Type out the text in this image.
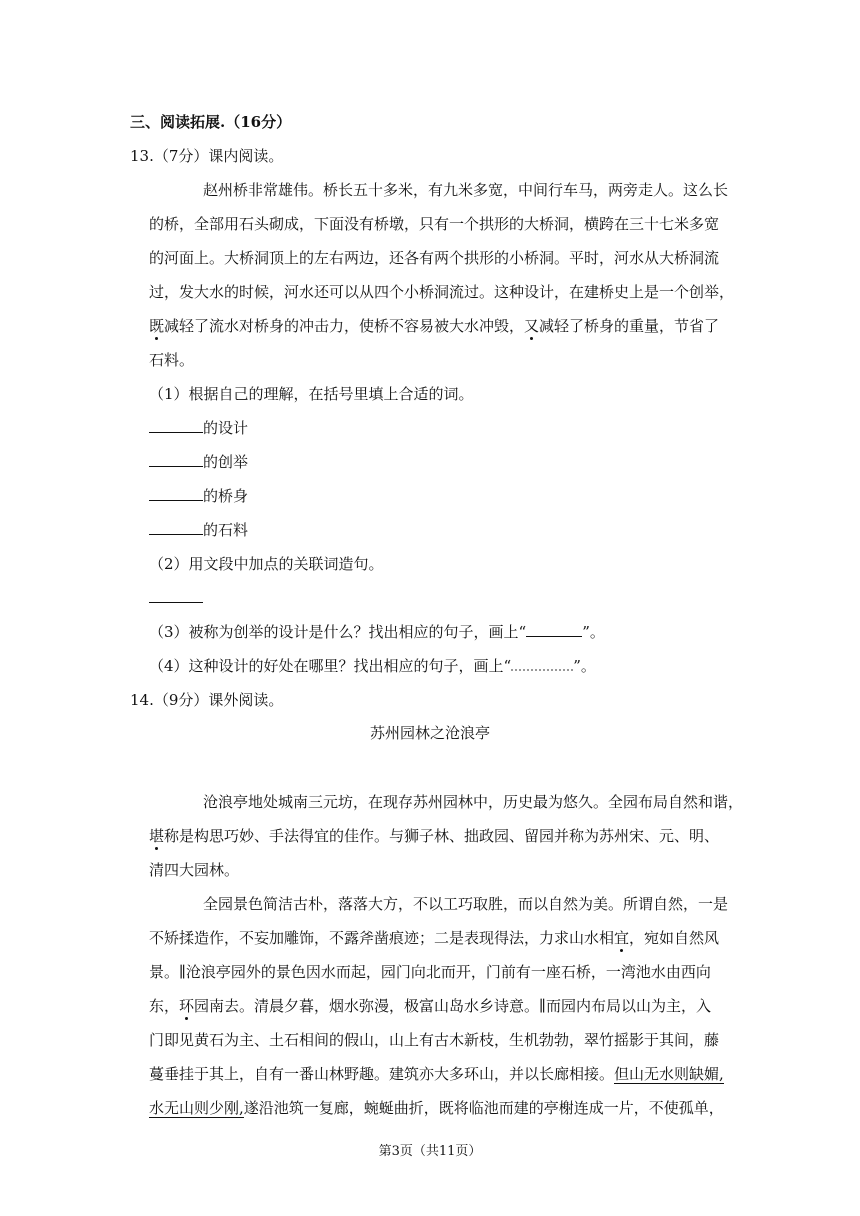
三、阅读拓展.（16分）
13.（7分）课内阅读。
赵州桥非常雄伟。桥长五十多米，有九米多宽，中间行车马，两旁走人。这么长
的桥，全部用石头砌成，下面没有桥墩，只有一个拱形的大桥洞，横跨在三十七米多宽
的河面上。大桥洞顶上的左右两边，还各有两个拱形的小桥洞。平时，河水从大桥洞流
过，发大水的时候，河水还可以从四个小桥洞流过。这种设计，在建桥史上是一个创举，
既减轻了流水对桥身的冲击力，使桥不容易被大水冲毁，又减轻了桥身的重量，节省了
石料。
（1）根据自己的理解，在括号里填上合适的词。
的设计
的创举
的桥身
的石料
（2）用文段中加点的关联词造句。
（3）被称为创举的设计是什么？找出相应的句子，画上“	”。
（4）这种设计的好处在哪里？找出相应的句子，画上“	”。
14.（9分）课外阅读。
苏州园林之沧浪亭
沧浪亭地处城南三元坊，在现存苏州园林中，历史最为悠久。全园布局自然和谐，
堪称是构思巧妙、手法得宜的佳作。与狮子林、拙政园、留园并称为苏州宋、元、明、
清四大园林。
全园景色简洁古朴，落落大方，不以工巧取胜，而以自然为美。所谓自然，一是
不矫揉造作，不妄加雕饰，不露斧凿痕迹；二是表现得法，力求山水相宜，宛如自然风
景。∥沧浪亭园外的景色因水而起，园门向北而开，门前有一座石桥，一湾池水由西向
东，环园南去。清晨夕暮，烟水弥漫，极富山岛水乡诗意。∥而园内布局以山为主，入
门即见黄石为主、土石相间的假山，山上有古木新枝，生机勃勃，翠竹摇影于其间，藤
蔓垂挂于其上，自有一番山林野趣。建筑亦大多环山，并以长廊相接。但山无水则缺媚,
水无山则少刚,遂沿池筑一复廊，蜿蜒曲折，既将临池而建的亭榭连成一片，不使孤单，
第3页（共11页）
